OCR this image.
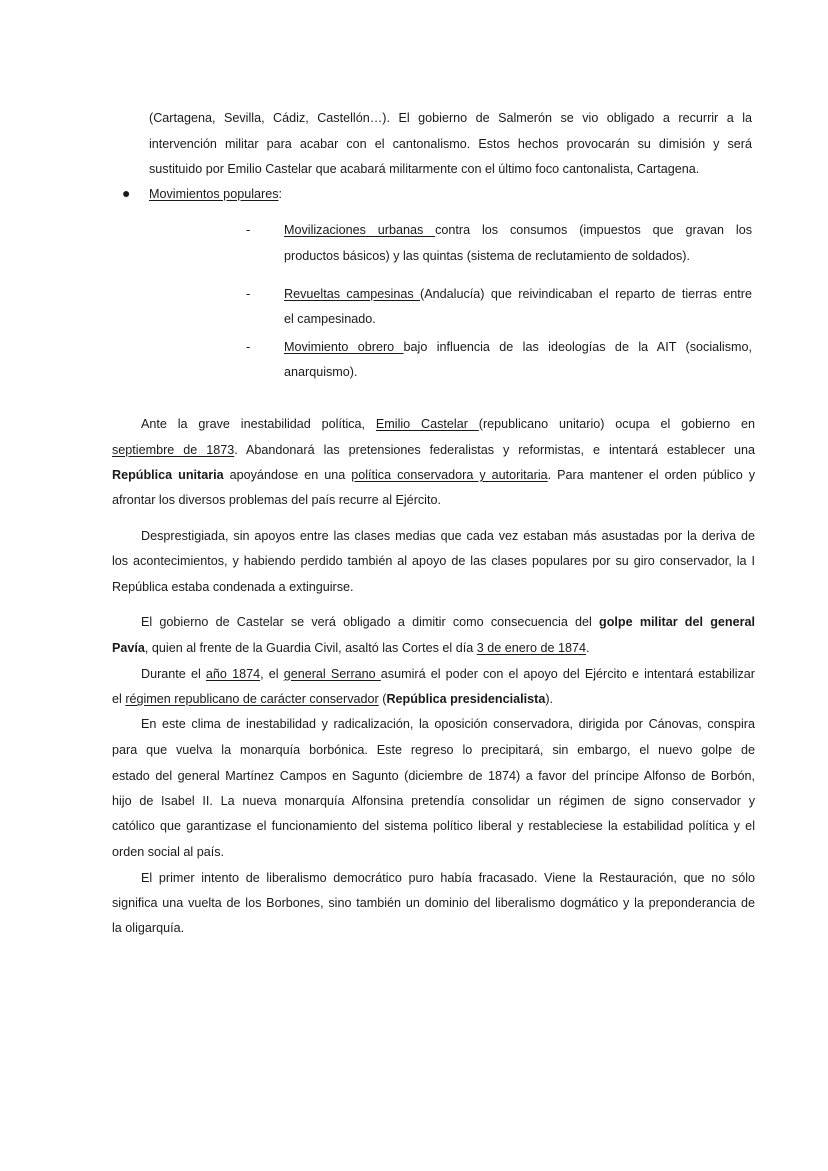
(Cartagena, Sevilla, Cádiz, Castellón…). El gobierno de Salmerón se vio obligado a recurrir a la
intervención militar para acabar con el cantonalismo. Estos hechos provocarán su dimisión y será
sustituido por Emilio Castelar que acabará militarmente con el último foco cantonalista, Cartagena.
● Movimientos populares:
-	Movilizaciones urbanas contra los consumos (impuestos que gravan los
productos básicos) y las quintas (sistema de reclutamiento de soldados).
-	Revueltas campesinas (Andalucía) que reivindicaban el reparto de tierras entre
el campesinado.
-	Movimiento obrero bajo influencia de las ideologías de la AIT (socialismo,
anarquismo).
Ante la grave inestabilidad política, Emilio Castelar (republicano unitario) ocupa el gobierno en
septiembre de 1873. Abandonará las pretensiones federalistas y reformistas, e intentará establecer una
República unitaria apoyándose en una política conservadora y autoritaria. Para mantener el orden público y
afrontar los diversos problemas del país recurre al Ejército.
Desprestigiada, sin apoyos entre las clases medias que cada vez estaban más asustadas por la deriva de
los acontecimientos, y habiendo perdido también al apoyo de las clases populares por su giro conservador, la I
República estaba condenada a extinguirse.
El gobierno de Castelar se verá obligado a dimitir como consecuencia del golpe militar del general
Pavía, quien al frente de la Guardia Civil, asaltó las Cortes el día 3 de enero de 1874.
Durante el año 1874, el general Serrano asumirá el poder con el apoyo del Ejército e intentará estabilizar
el régimen republicano de carácter conservador (República presidencialista).
En este clima de inestabilidad y radicalización, la oposición conservadora, dirigida por Cánovas, conspira
para que vuelva la monarquía borbónica. Este regreso lo precipitará, sin embargo, el nuevo golpe de
estado del general Martínez Campos en Sagunto (diciembre de 1874) a favor del príncipe Alfonso de Borbón,
hijo de Isabel II. La nueva monarquía Alfonsina pretendía consolidar un régimen de signo conservador y
católico que garantizase el funcionamiento del sistema político liberal y restableciese la estabilidad política y el
orden social al país.
El primer intento de liberalismo democrático puro había fracasado. Viene la Restauración, que no sólo
significa una vuelta de los Borbones, sino también un dominio del liberalismo dogmático y la preponderancia de
la oligarquía.
